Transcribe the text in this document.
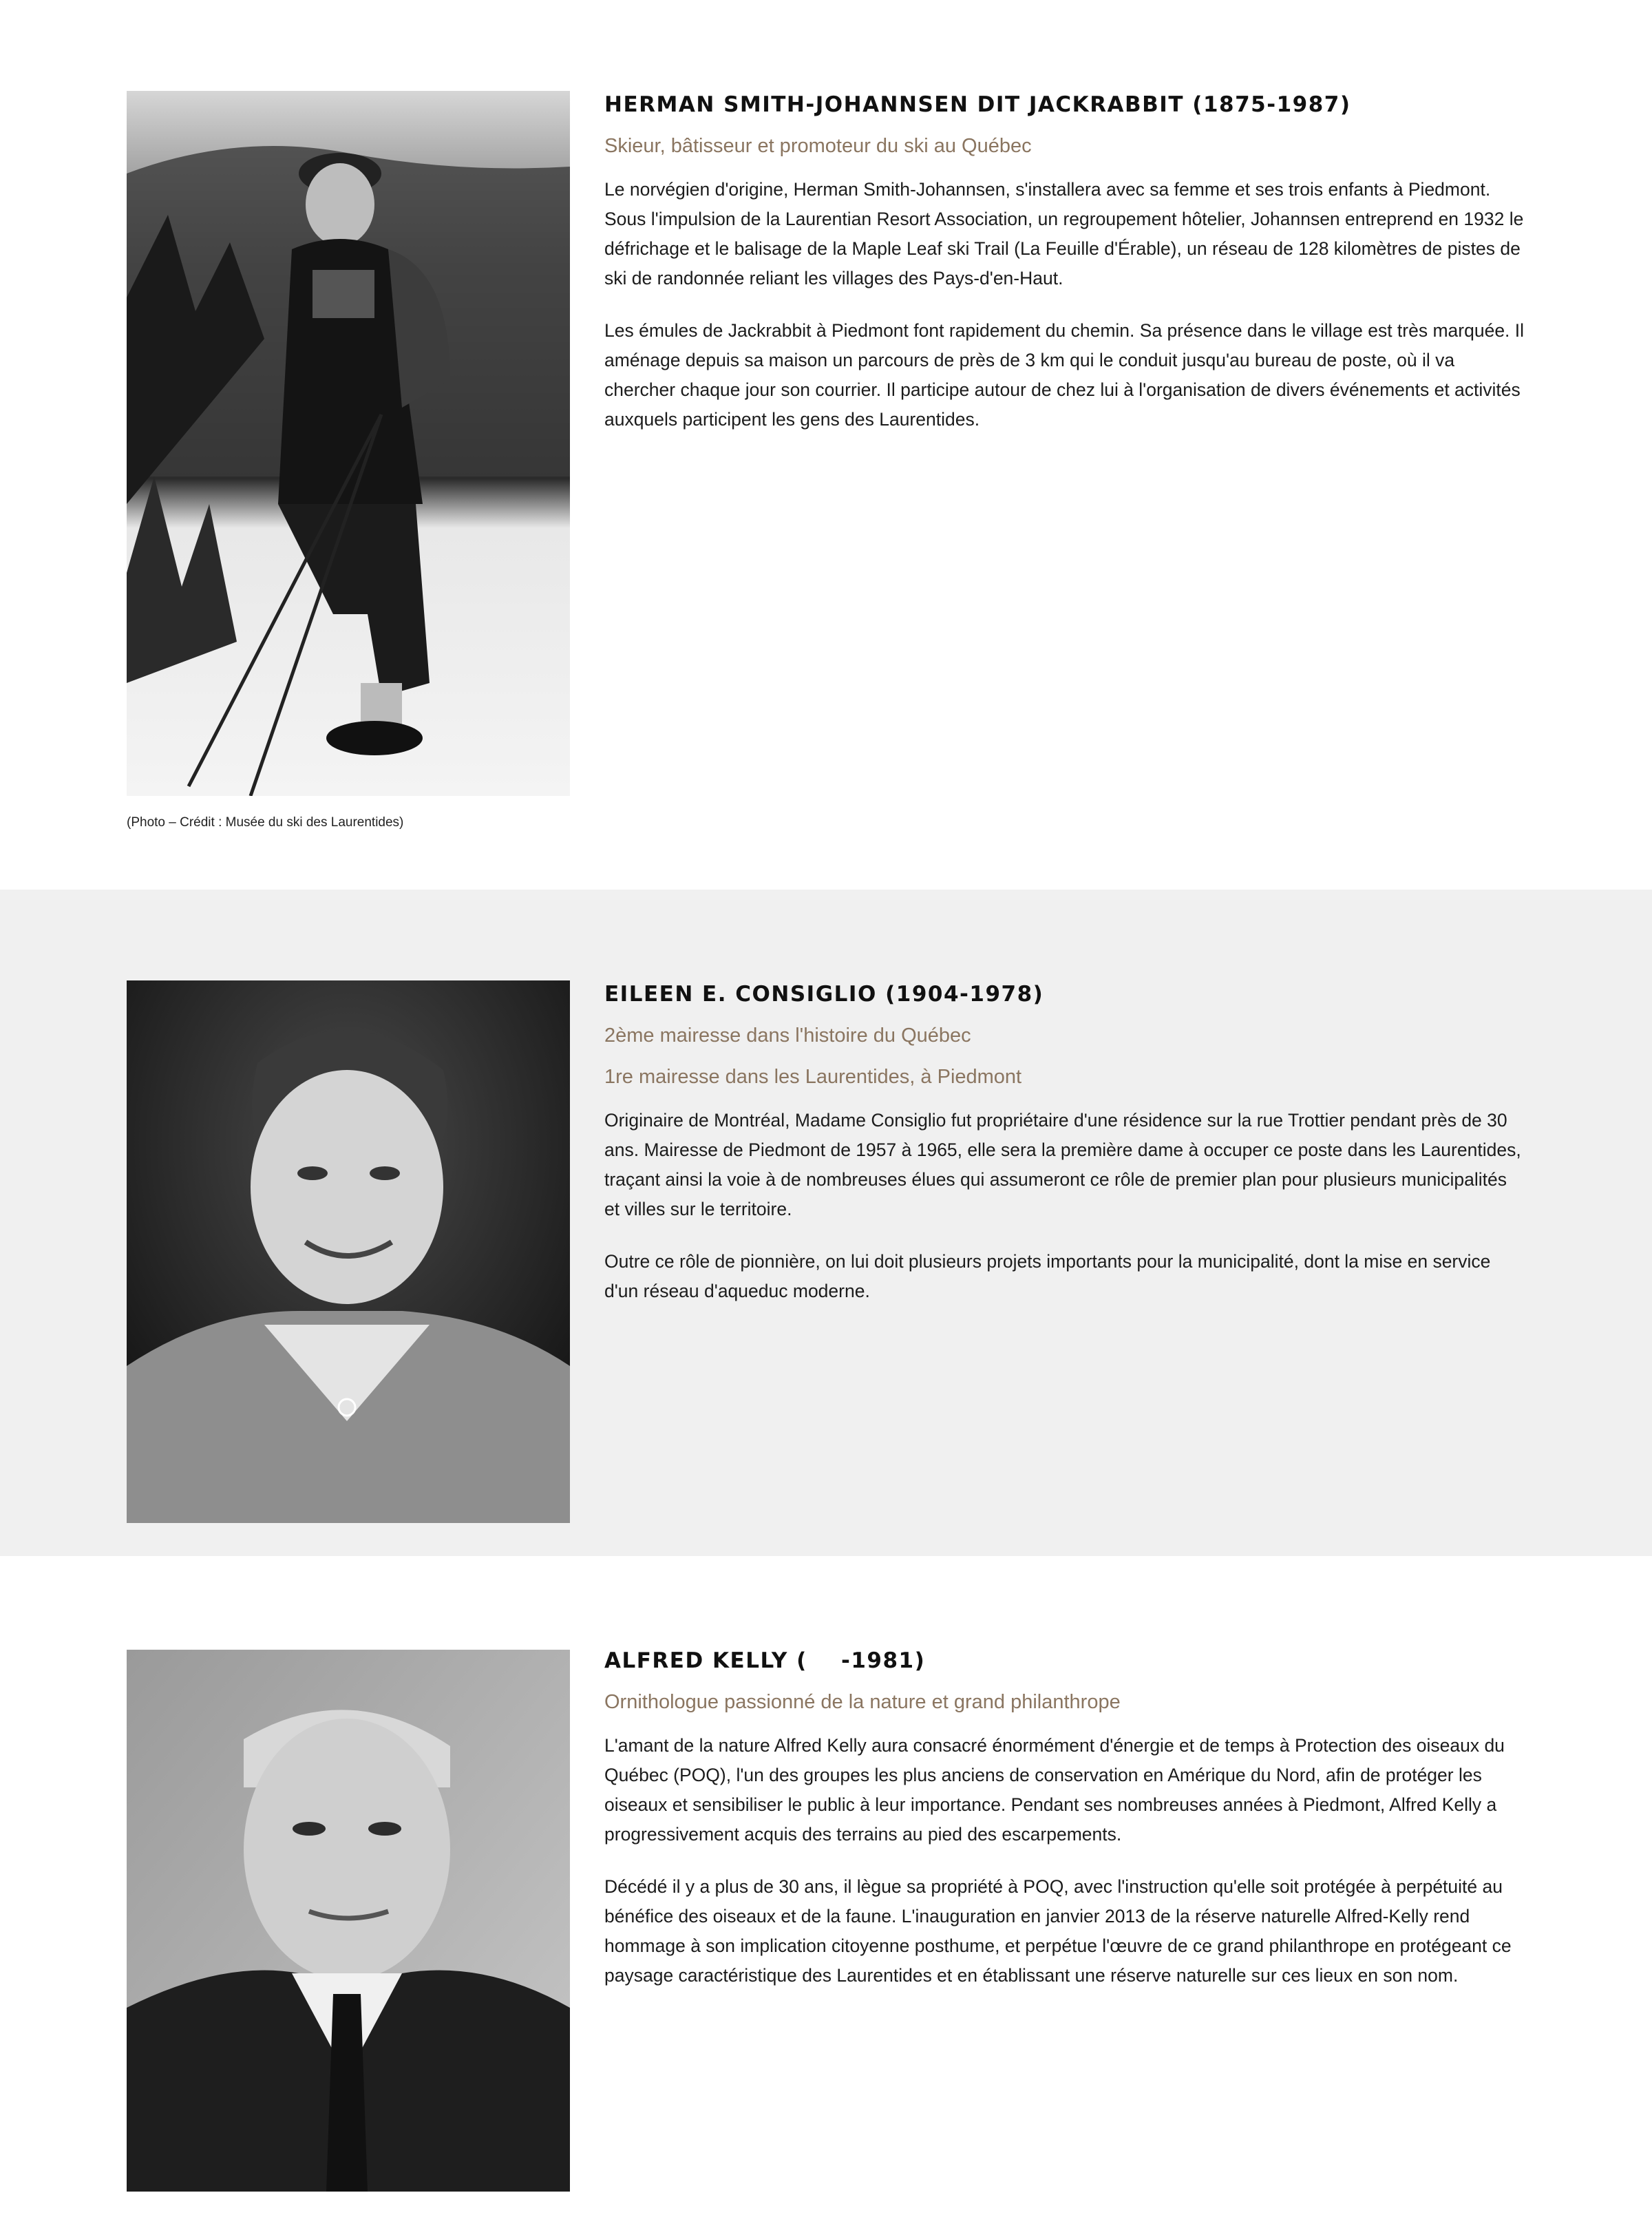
HERMAN SMITH-JOHANNSEN DIT JACKRABBIT (1875-1987)

Skieur, bâtisseur et promoteur du ski au Québec

Le norvégien d'origine, Herman Smith-Johannsen, s'installera avec sa femme et ses trois enfants à Piedmont. Sous l'impulsion de la Laurentian Resort Association, un regroupement hôtelier, Johannsen entreprend en 1932 le défrichage et le balisage de la Maple Leaf ski Trail (La Feuille d'Érable), un réseau de 128 kilomètres de pistes de ski de randonnée reliant les villages des Pays-d'en-Haut.

Les émules de Jackrabbit à Piedmont font rapidement du chemin. Sa présence dans le village est très marquée. Il aménage depuis sa maison un parcours de près de 3 km qui le conduit jusqu'au bureau de poste, où il va chercher chaque jour son courrier. Il participe autour de chez lui à l'organisation de divers événements et activités auxquels participent les gens des Laurentides.

(Photo – Crédit : Musée du ski des Laurentides)

EILEEN E. CONSIGLIO (1904-1978)

2ème mairesse dans l'histoire du Québec

1re mairesse dans les Laurentides, à Piedmont

Originaire de Montréal, Madame Consiglio fut propriétaire d'une résidence sur la rue Trottier pendant près de 30 ans. Mairesse de Piedmont de 1957 à 1965, elle sera la première dame à occuper ce poste dans les Laurentides, traçant ainsi la voie à de nombreuses élues qui assumeront ce rôle de premier plan pour plusieurs municipalités et villes sur le territoire.

Outre ce rôle de pionnière, on lui doit plusieurs projets importants pour la municipalité, dont la mise en service d'un réseau d'aqueduc moderne.

ALFRED KELLY (    -1981)

Ornithologue passionné de la nature et grand philanthrope

L'amant de la nature Alfred Kelly aura consacré énormément d'énergie et de temps à Protection des oiseaux du Québec (POQ), l'un des groupes les plus anciens de conservation en Amérique du Nord, afin de protéger les oiseaux et sensibiliser le public à leur importance. Pendant ses nombreuses années à Piedmont, Alfred Kelly a progressivement acquis des terrains au pied des escarpements.

Décédé il y a plus de 30 ans, il lègue sa propriété à POQ, avec l'instruction qu'elle soit protégée à perpétuité au bénéfice des oiseaux et de la faune. L'inauguration en janvier 2013 de la réserve naturelle Alfred-Kelly rend hommage à son implication citoyenne posthume, et perpétue l'œuvre de ce grand philanthrope en protégeant ce paysage caractéristique des Laurentides et en établissant une réserve naturelle sur ces lieux en son nom.
